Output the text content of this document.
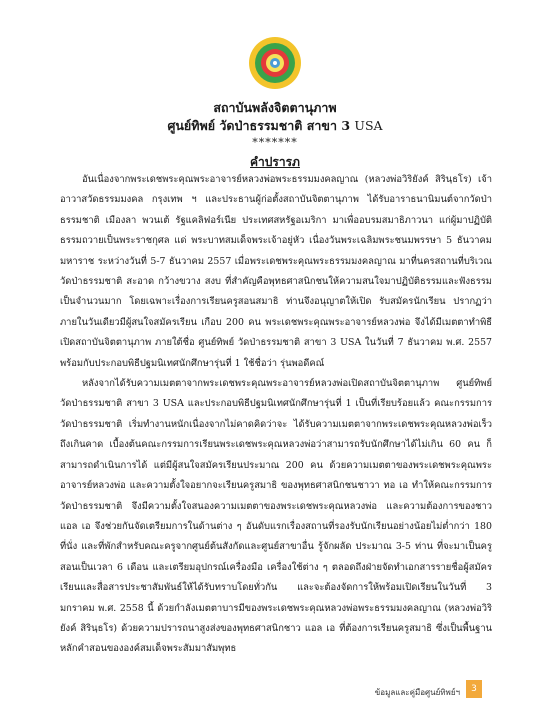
สถาบันพลังจิตตานุภาพ
ศูนย์ทิพย์ วัดป่าธรรมชาติ สาขา 3 USA
*******
คำปรารภ

อันเนื่องจากพระเดชพระคุณพระอาจารย์หลวงพ่อพระธรรมมงคลญาณ (หลวงพ่อวิริยังค์ สิรินฺธโร) เจ้าอาวาสวัดธรรมมงคล กรุงเทพ ฯ และประธานผู้ก่อตั้งสถาบันจิตตานุภาพ ได้รับอาราธนานิมนต์จากวัดป่าธรรมชาติ เมืองลา พวนเต้ รัฐแคลิฟอร์เนีย ประเทศสหรัฐอเมริกา มาเพื่ออบรมสมาธิภาวนา แก่ผู้มาปฏิบัติธรรมถวายเป็นพระราชกุศล แด่ พระบาทสมเด็จพระเจ้าอยู่หัว เนื่องวันพระเฉลิมพระชนมพรรษา 5 ธันวาคมมหาราช ระหว่างวันที่ 5-7 ธันวาคม 2557 เมื่อพระเดชพระคุณพระธรรมมงคลญาณ มาที่นครสถานที่บริเวณวัดป่าธรรมชาติ สะอาด กว้างขวาง สงบ ที่สำคัญคือพุทธศาสนิกชนให้ความสนใจมาปฏิบัติธรรมและฟังธรรมเป็นจำนวนมาก โดยเฉพาะเรื่องการเรียนครูสอนสมาธิ ท่านจึงอนุญาตให้เปิด รับสมัครนักเรียน ปรากฏว่าภายในวันเดียวมีผู้สนใจสมัครเรียน เกือบ 200 คน พระเดชพระคุณพระอาจารย์หลวงพ่อ จึงได้มีเมตตาทำพิธีเปิดสถาบันจิตตานุภาพ ภายใต้ชื่อ ศูนย์ทิพย์ วัดป่าธรรมชาติ สาขา 3 USA ในวันที่ 7 ธันวาคม พ.ศ. 2557 พร้อมกับประกอบพิธีปฐมนิเทศนักศึกษารุ่นที่ 1 ใช้ชื่อว่า รุ่นพอดีคณ์

หลังจากได้รับความเมตตาจากพระเดชพระคุณพระอาจารย์หลวงพ่อเปิดสถาบันจิตตานุภาพ ศูนย์ทิพย์ วัดป่าธรรมชาติ สาขา 3 USA และประกอบพิธีปฐมนิเทศนักศึกษารุ่นที่ 1 เป็นที่เรียบร้อยแล้ว คณะกรรมการวัดป่าธรรมชาติ เริ่มทำงานหนักเนื่องจากไม่คาดคิดว่าจะ ได้รับความเมตตาจากพระเดชพระคุณหลวงพ่อเร็วถึงเกินคาด เบื้องต้นคณะกรรมการเรียนพระเดชพระคุณหลวงพ่อว่าสามารถรับนักศึกษาได้ไม่เกิน 60 คน ก็สามารถดำเนินการได้ แต่มีผู้สนใจสมัครเรียนประมาณ 200 คน ด้วยความเมตตาของพระเดชพระคุณพระอาจารย์หลวงพ่อ และความตั้งใจอยากจะเรียนครูสมาธิ ของพุทธศาสนิกชนชาวา ทอ เอ ทำให้คณะกรรมการวัดป่าธรรมชาติ จึงมีความตั้งใจสนองความเมตตาของพระเดชพระคุณหลวงพ่อ และความต้องการของชาว แอล เอ จึงช่วยกันจัดเตรียมการในด้านต่าง ๆ อันดับแรกเรื่องสถานที่รองรับนักเรียนอย่างน้อยไม่ต่ำกว่า 180 ที่นั่ง และที่พักสำหรับคณะครูจากศูนย์ต้นสังกัดและศูนย์สาขาอื่น รู้จักผลัด ประมาณ 3-5 ท่าน ที่จะมาเป็นครูสอนเป็นเวลา 6 เดือน และเตรียมอุปกรณ์เครื่องมือ เครื่องใช้ต่าง ๆ ตลอดถึงฝ่ายจัดทำเอกสารรายชื่อผู้สมัครเรียนและสื่อสารประชาสัมพันธ์ให้ได้รับทราบโดยทั่วกัน และจะต้องจัดการให้พร้อมเปิดเรียนในวันที่ 3 มกราคม พ.ศ. 2558 นี้ ด้วยกำลังเมตตาบารมีของพระเดชพระคุณหลวงพ่อพระธรรมมงคลญาณ (หลวงพ่อวิริยังค์ สิรินฺธโร) ด้วยความปรารถนาสูงส่งของพุทธศาสนิกชาว แอล เอ ที่ต้องการเรียนครูสมาธิ ซึ่งเป็นพื้นฐานหลักคำสอนขององค์สมเด็จพระสัมมาสัมพุทธ

ข้อมูลและคู่มือศูนย์ทิพย์ฯ	3
